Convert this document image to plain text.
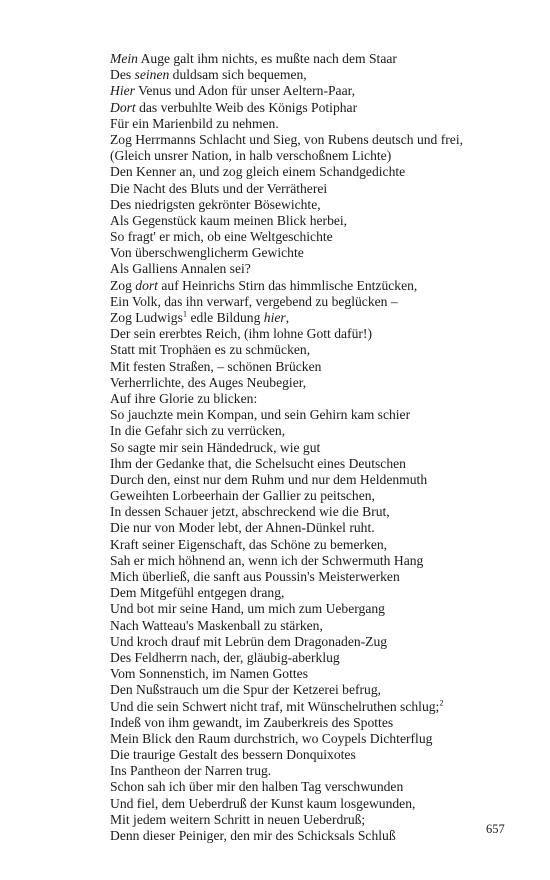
Mein Auge galt ihm nichts, es mußte nach dem Staar
Des seinen duldsam sich bequemen,
Hier Venus und Adon für unser Aeltern-Paar,
Dort das verbuhlte Weib des Königs Potiphar
Für ein Marienbild zu nehmen.
Zog Herrmanns Schlacht und Sieg, von Rubens deutsch und frei,
(Gleich unsrer Nation, in halb verschoßnem Lichte)
Den Kenner an, und zog gleich einem Schandgedichte
Die Nacht des Bluts und der Verrätherei
Des niedrigsten gekrönter Bösewichte,
Als Gegenstück kaum meinen Blick herbei,
So fragt' er mich, ob eine Weltgeschichte
Von überschwenglicherm Gewichte
Als Galliens Annalen sei?
Zog dort auf Heinrichs Stirn das himmlische Entzücken,
Ein Volk, das ihn verwarf, vergebend zu beglücken –
Zog Ludwigs$^1$ edle Bildung hier,
Der sein ererbtes Reich, (ihm lohne Gott dafür!)
Statt mit Trophäen es zu schmücken,
Mit festen Straßen, – schönen Brücken
Verherrlichte, des Auges Neubegier,
Auf ihre Glorie zu blicken:
So jauchzte mein Kompan, und sein Gehirn kam schier
In die Gefahr sich zu verrücken,
So sagte mir sein Händedruck, wie gut
Ihm der Gedanke that, die Schelsucht eines Deutschen
Durch den, einst nur dem Ruhm und nur dem Heldenmuth
Geweihten Lorbeerhain der Gallier zu peitschen,
In dessen Schauer jetzt, abschreckend wie die Brut,
Die nur von Moder lebt, der Ahnen-Dünkel ruht.
Kraft seiner Eigenschaft, das Schöne zu bemerken,
Sah er mich höhnend an, wenn ich der Schwermuth Hang
Mich überließ, die sanft aus Poussin's Meisterwerken
Dem Mitgefühl entgegen drang,
Und bot mir seine Hand, um mich zum Uebergang
Nach Watteau's Maskenball zu stärken,
Und kroch drauf mit Lebrün dem Dragonaden-Zug
Des Feldherrn nach, der, gläubig-aberklug
Vom Sonnenstich, im Namen Gottes
Den Nußstrauch um die Spur der Ketzerei befrug,
Und die sein Schwert nicht traf, mit Wünschelruthen schlug;$^2$
Indeß von ihm gewandt, im Zauberkreis des Spottes
Mein Blick den Raum durchstrich, wo Coypels Dichterflug
Die traurige Gestalt des bessern Donquixotes
Ins Pantheon der Narren trug.
Schon sah ich über mir den halben Tag verschwunden
Und fiel, dem Ueberdruß der Kunst kaum losgewunden,
Mit jedem weitern Schritt in neuen Ueberdruß;
Denn dieser Peiniger, den mir des Schicksals Schluß	657
